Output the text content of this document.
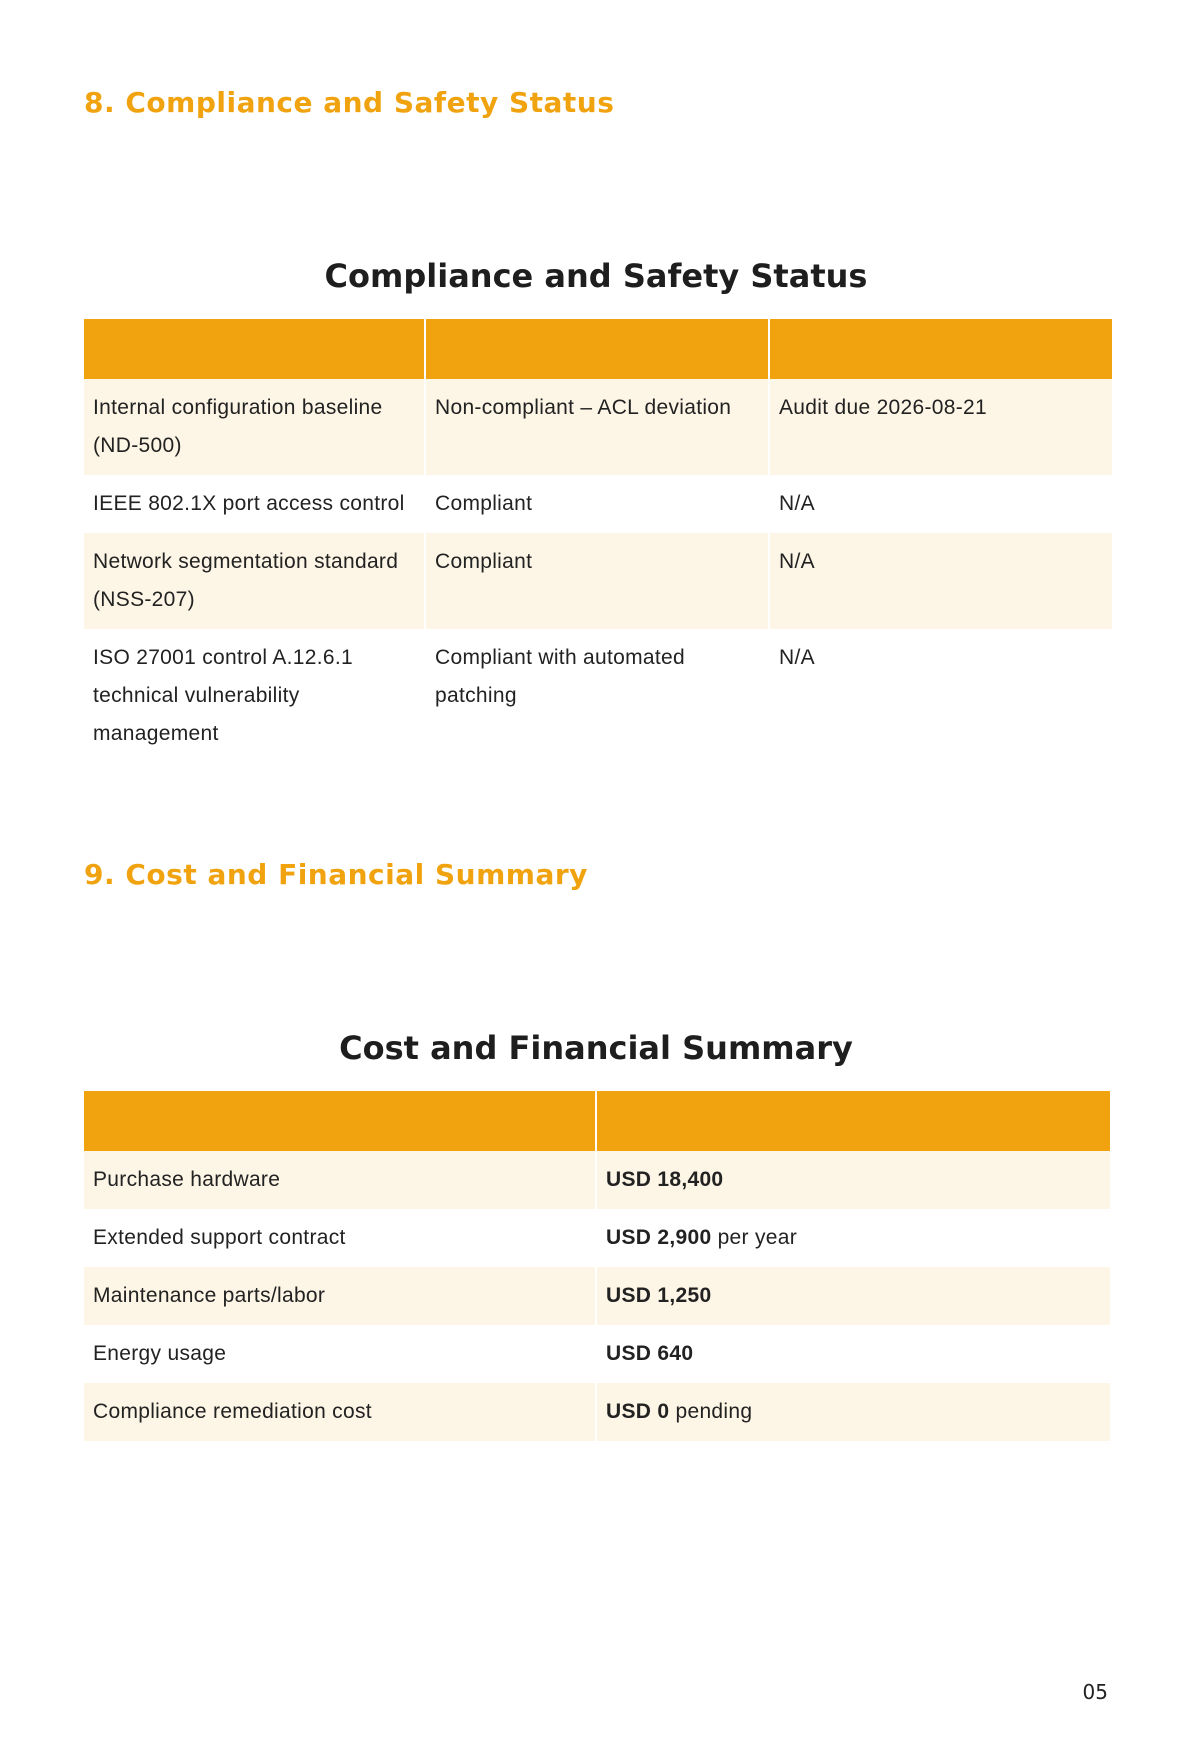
8. Compliance and Safety Status
Compliance and Safety Status

Internal configuration baseline (ND-500)	Non-compliant – ACL deviation	Audit due 2026-08-21
IEEE 802.1X port access control	Compliant	N/A
Network segmentation standard (NSS-207)	Compliant	N/A
ISO 27001 control A.12.6.1 technical vulnerability management	Compliant with automated patching	N/A
9. Cost and Financial Summary
Cost and Financial Summary

Purchase hardware	USD 18,400
Extended support contract	USD 2,900 per year
Maintenance parts/labor	USD 1,250
Energy usage	USD 640
Compliance remediation cost	USD 0 pending
05
